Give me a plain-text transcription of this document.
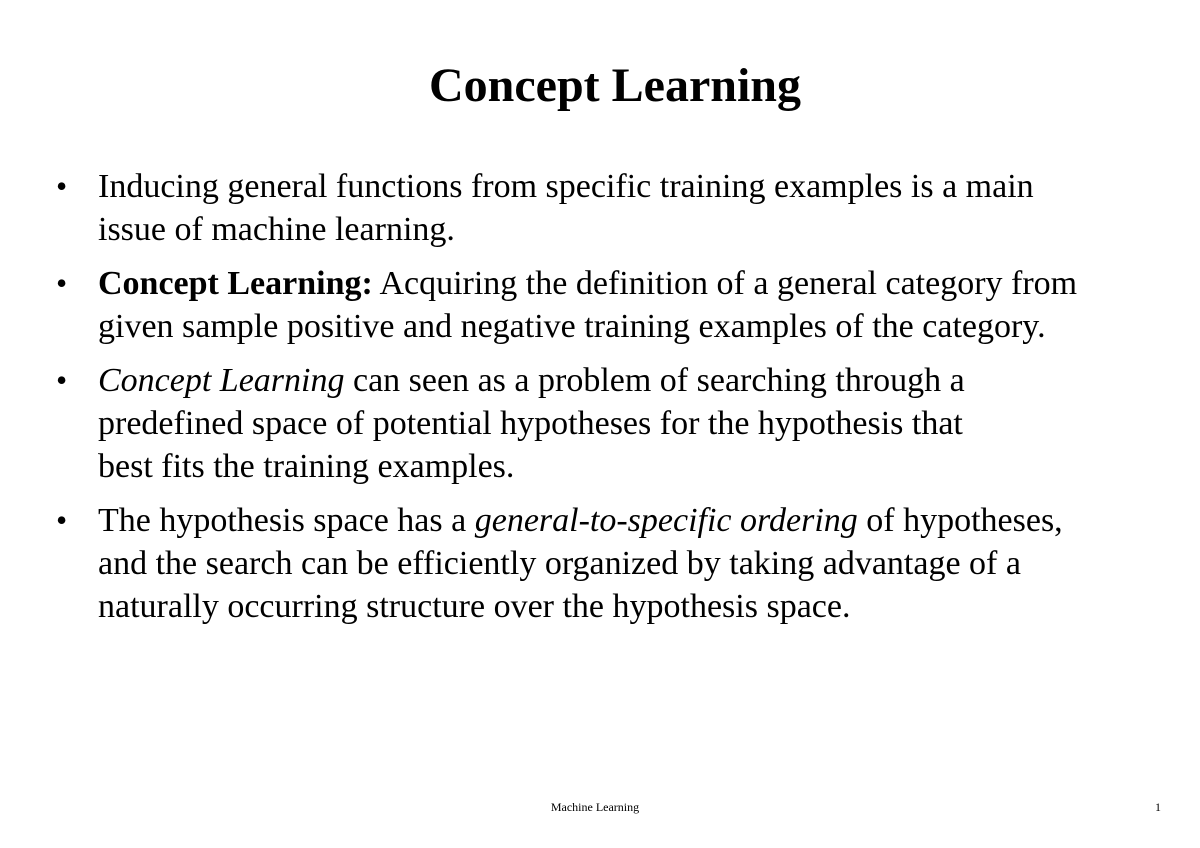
Concept Learning
• Inducing general functions from specific training examples is a main
issue of machine learning.
• Concept Learning: Acquiring the definition of a general category from
given sample positive and negative training examples of the category.
• Concept Learning can seen as a problem of searching through a
predefined space of potential hypotheses for the hypothesis that
best fits the training examples.
• The hypothesis space has a general-to-specific ordering of hypotheses,
and the search can be efficiently organized by taking advantage of a
naturally occurring structure over the hypothesis space.
Machine Learning	1
